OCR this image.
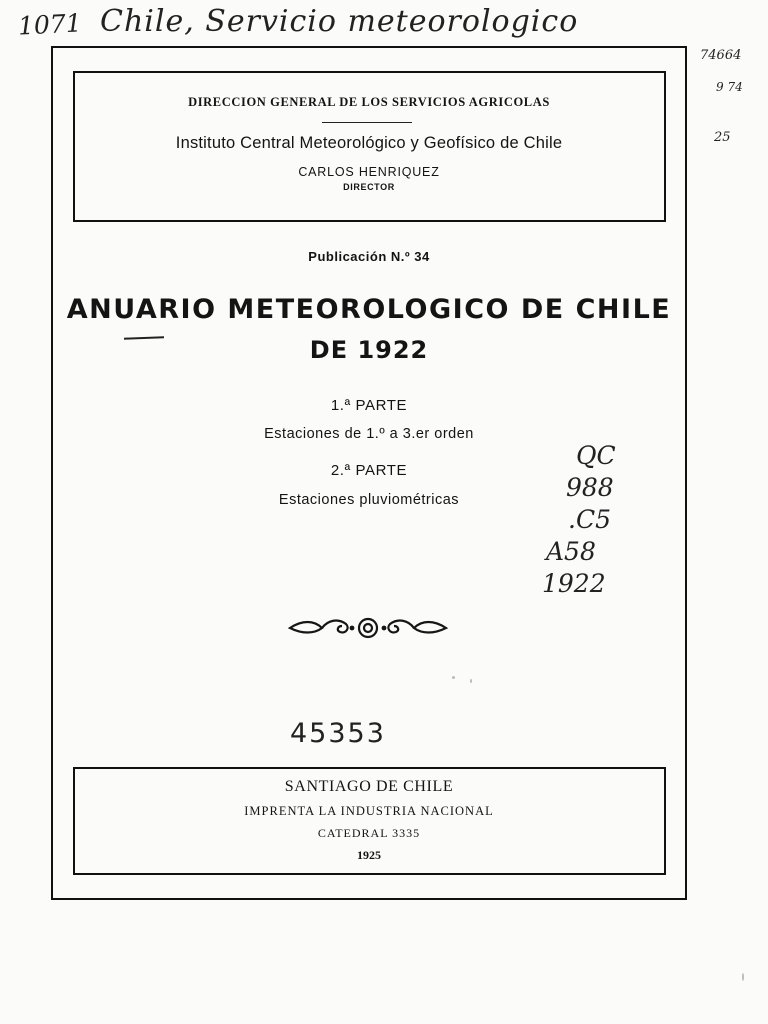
1071 Chile, Servicio meteorologico
74664
9 74
25
DIRECCION GENERAL DE LOS SERVICIOS AGRICOLAS
Instituto Central Meteorológico y Geofísico de Chile
CARLOS HENRIQUEZ
DIRECTOR
Publicación N.º 34
ANUARIO METEOROLOGICO DE CHILE
DE 1922
1.ª PARTE
Estaciones de 1.º a 3.er orden
2.ª PARTE
Estaciones pluviométricas
QC
988
.C5
A58
1922
45353
SANTIAGO DE CHILE
IMPRENTA LA INDUSTRIA NACIONAL
CATEDRAL 3335
1925
